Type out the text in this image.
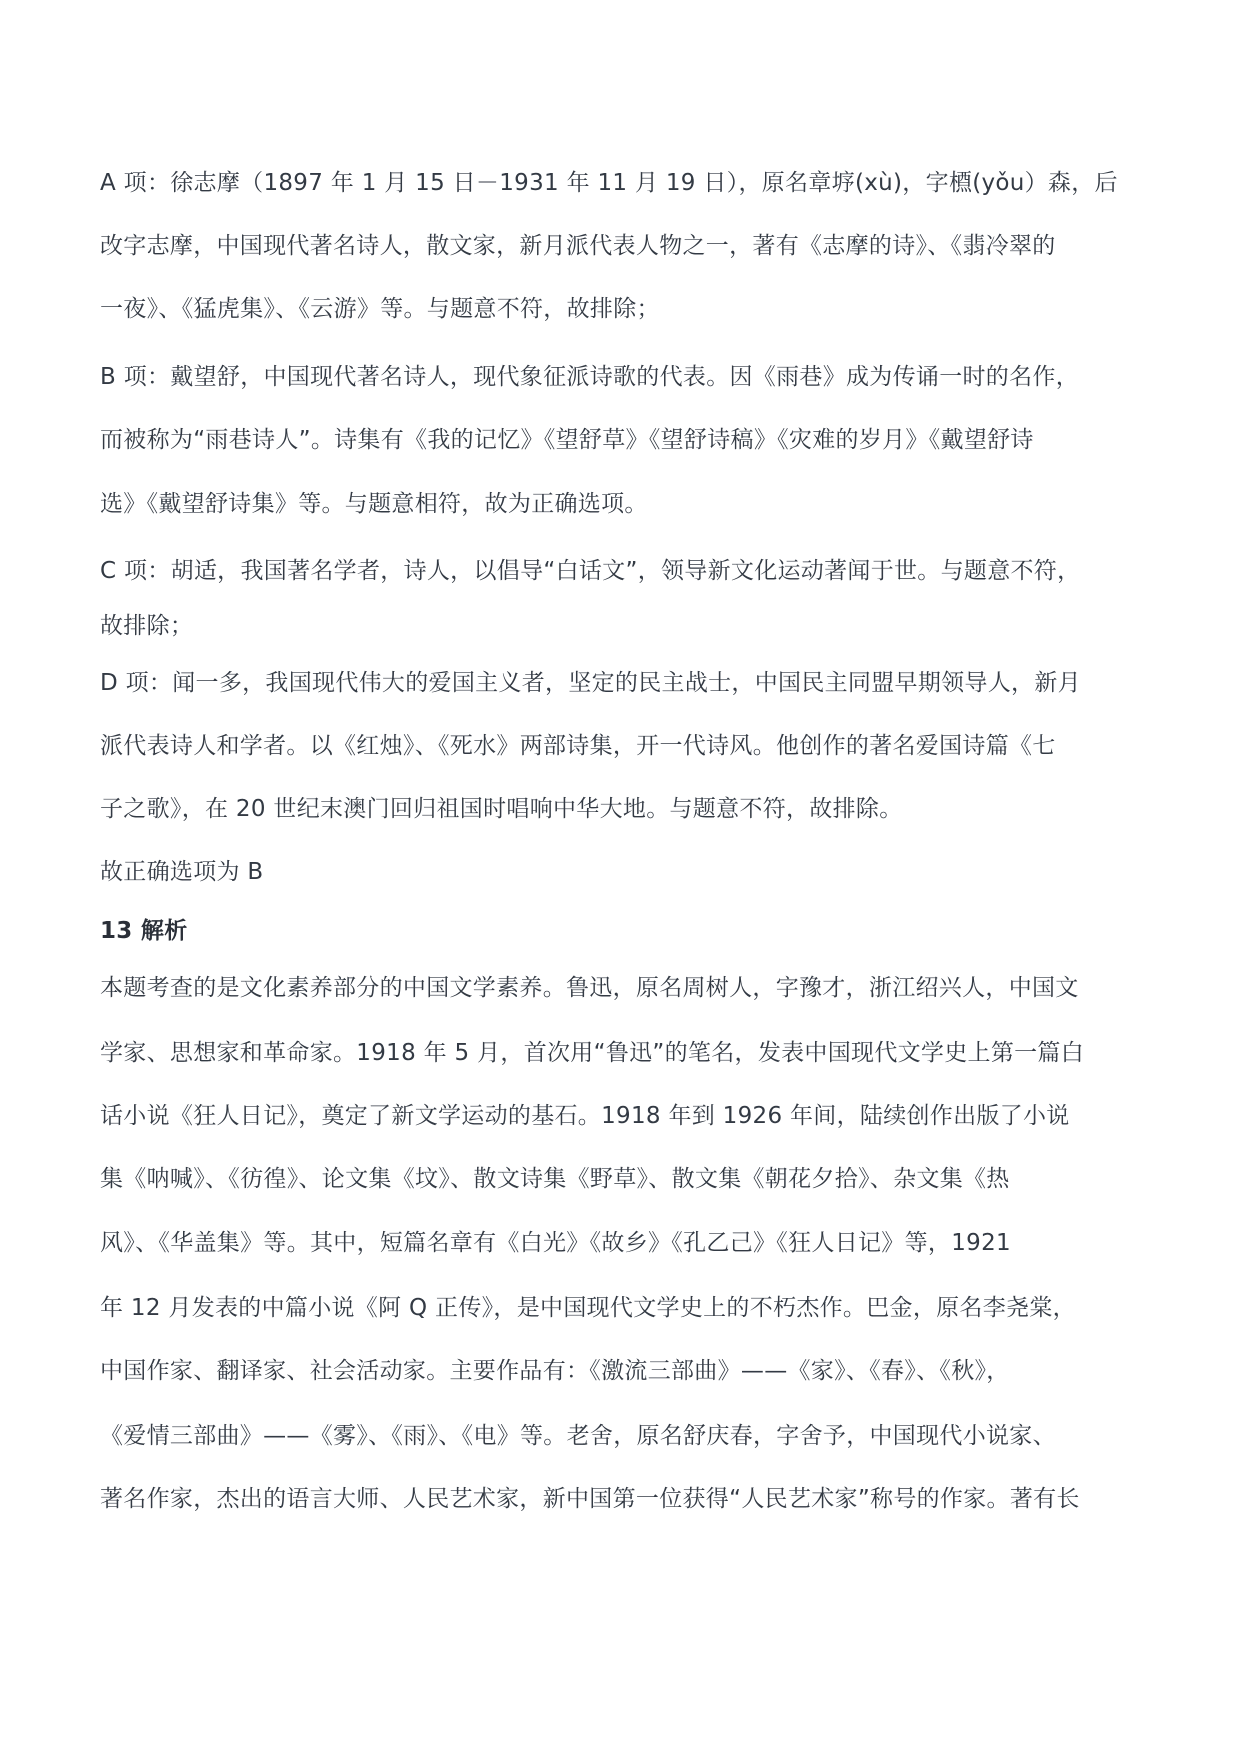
A 项：徐志摩（1897 年 1 月 15 日－1931 年 11 月 19 日），原名章垿(xù)，字槱(yǒu）森，后
改字志摩，中国现代著名诗人，散文家，新月派代表人物之一，著有《志摩的诗》、《翡冷翠的
一夜》、《猛虎集》、《云游》等。与题意不符，故排除；
B 项：戴望舒，中国现代著名诗人，现代象征派诗歌的代表。因《雨巷》成为传诵一时的名作，
而被称为“雨巷诗人”。诗集有《我的记忆》《望舒草》《望舒诗稿》《灾难的岁月》《戴望舒诗
选》《戴望舒诗集》等。与题意相符，故为正确选项。
C 项：胡适，我国著名学者，诗人，以倡导“白话文”，领导新文化运动著闻于世。与题意不符，
故排除；
D 项：闻一多，我国现代伟大的爱国主义者，坚定的民主战士，中国民主同盟早期领导人，新月
派代表诗人和学者。以《红烛》、《死水》两部诗集，开一代诗风。他创作的著名爱国诗篇《七
子之歌》，在 20 世纪末澳门回归祖国时唱响中华大地。与题意不符，故排除。
故正确选项为 B
13 解析
本题考查的是文化素养部分的中国文学素养。鲁迅，原名周树人，字豫才，浙江绍兴人，中国文
学家、思想家和革命家。1918 年 5 月，首次用“鲁迅”的笔名，发表中国现代文学史上第一篇白
话小说《狂人日记》，奠定了新文学运动的基石。1918 年到 1926 年间，陆续创作出版了小说
集《呐喊》、《彷徨》、论文集《坟》、散文诗集《野草》、散文集《朝花夕拾》、杂文集《热
风》、《华盖集》等。其中，短篇名章有《白光》《故乡》《孔乙己》《狂人日记》等，1921
年 12 月发表的中篇小说《阿 Q 正传》，是中国现代文学史上的不朽杰作。巴金，原名李尧棠，
中国作家、翻译家、社会活动家。主要作品有：《激流三部曲》——《家》、《春》、《秋》，
《爱情三部曲》——《雾》、《雨》、《电》等。老舍，原名舒庆春，字舍予，中国现代小说家、
著名作家，杰出的语言大师、人民艺术家，新中国第一位获得“人民艺术家”称号的作家。著有长
